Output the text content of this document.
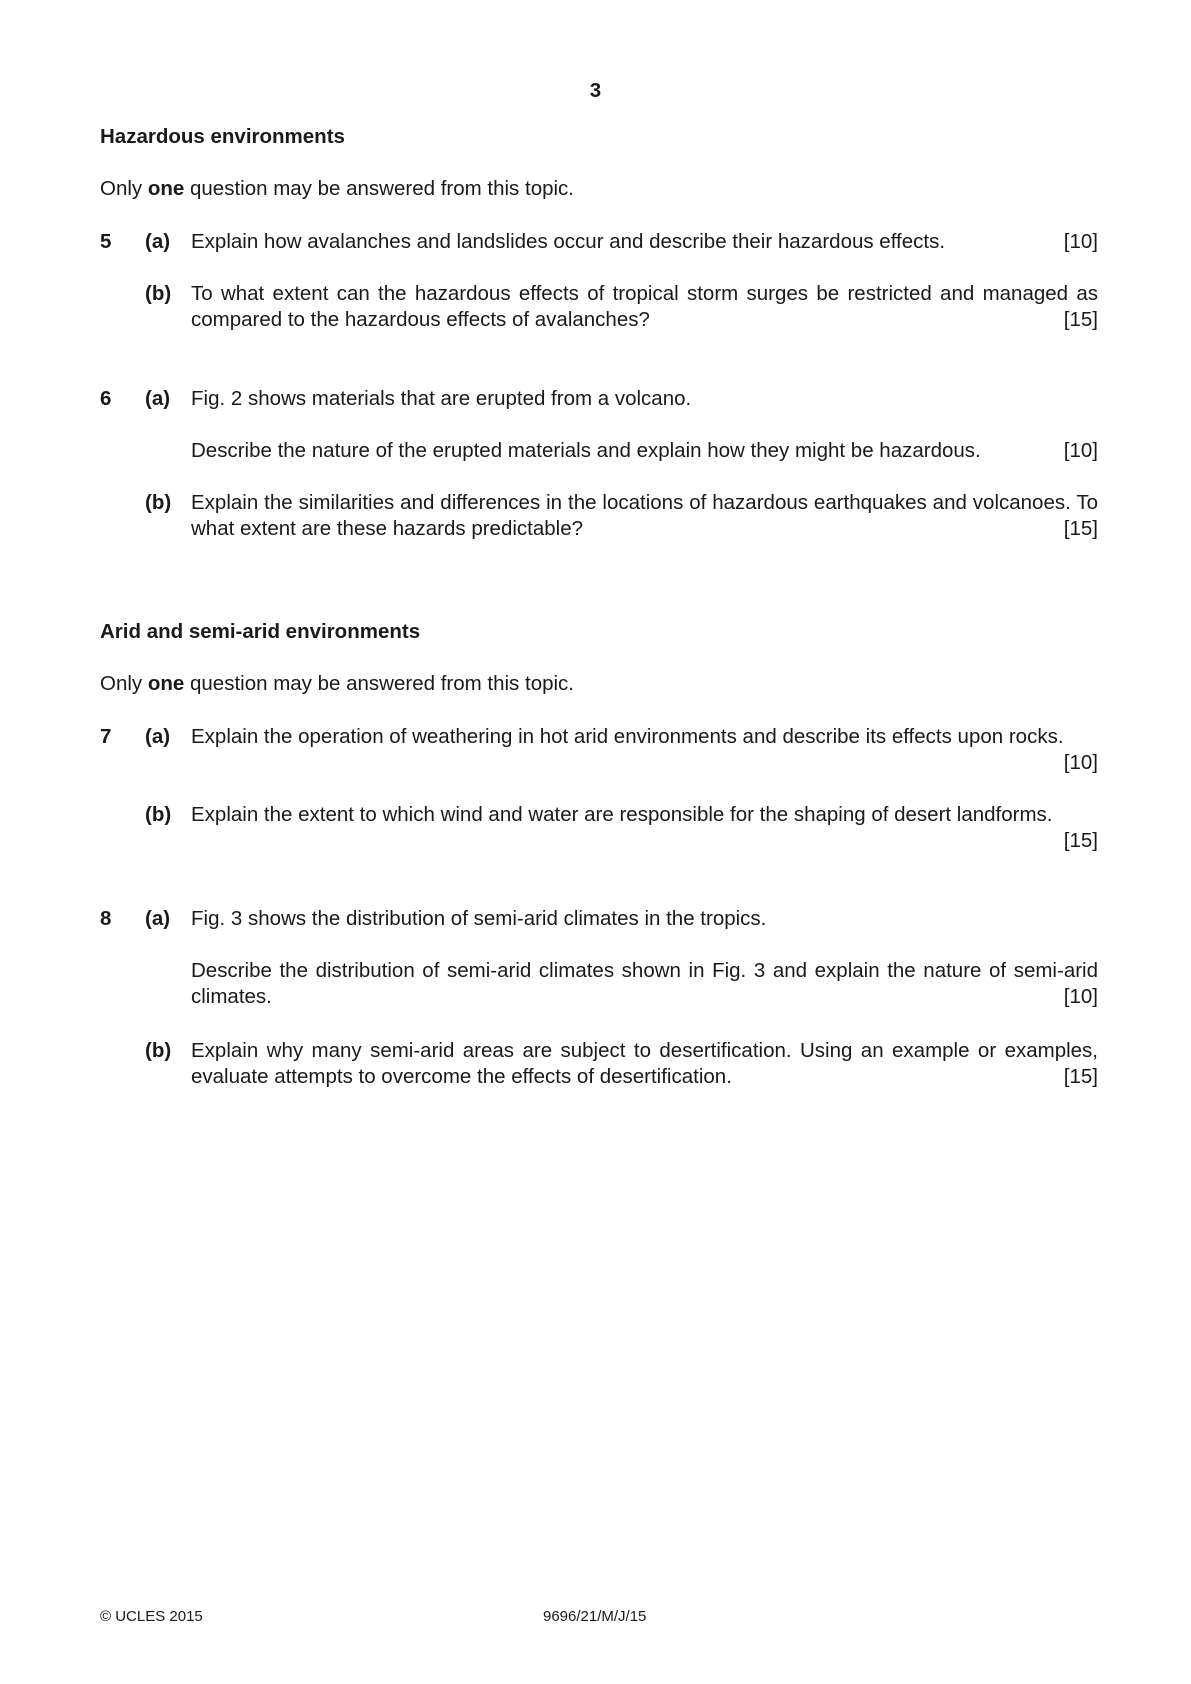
3
Hazardous environments
Only one question may be answered from this topic.
5 (a)	[10]
Explain how avalanches and landslides occur and describe their hazardous effects.
(b) To what extent can the hazardous effects of tropical storm surges be restricted and managed as compared to the hazardous effects of avalanches?	[15]
6 (a) Fig. 2 shows materials that are erupted from a volcano.
[10]
Describe the nature of the erupted materials and explain how they might be hazardous.
(b) Explain the similarities and differences in the locations of hazardous earthquakes and volcanoes. To what extent are these hazards predictable?	[15]
Arid and semi-arid environments
Only one question may be answered from this topic.
7 (a) Explain the operation of weathering in hot arid environments and describe its effects upon rocks.
[10]
(b) Explain the extent to which wind and water are responsible for the shaping of desert landforms.
[15]
8 (a) Fig. 3 shows the distribution of semi-arid climates in the tropics.
Describe the distribution of semi-arid climates shown in Fig. 3 and explain the nature of semi-arid climates.	[10]
(b) Explain why many semi-arid areas are subject to desertification. Using an example or examples, evaluate attempts to overcome the effects of desertification.	[15]
© UCLES 2015	9696/21/M/J/15
